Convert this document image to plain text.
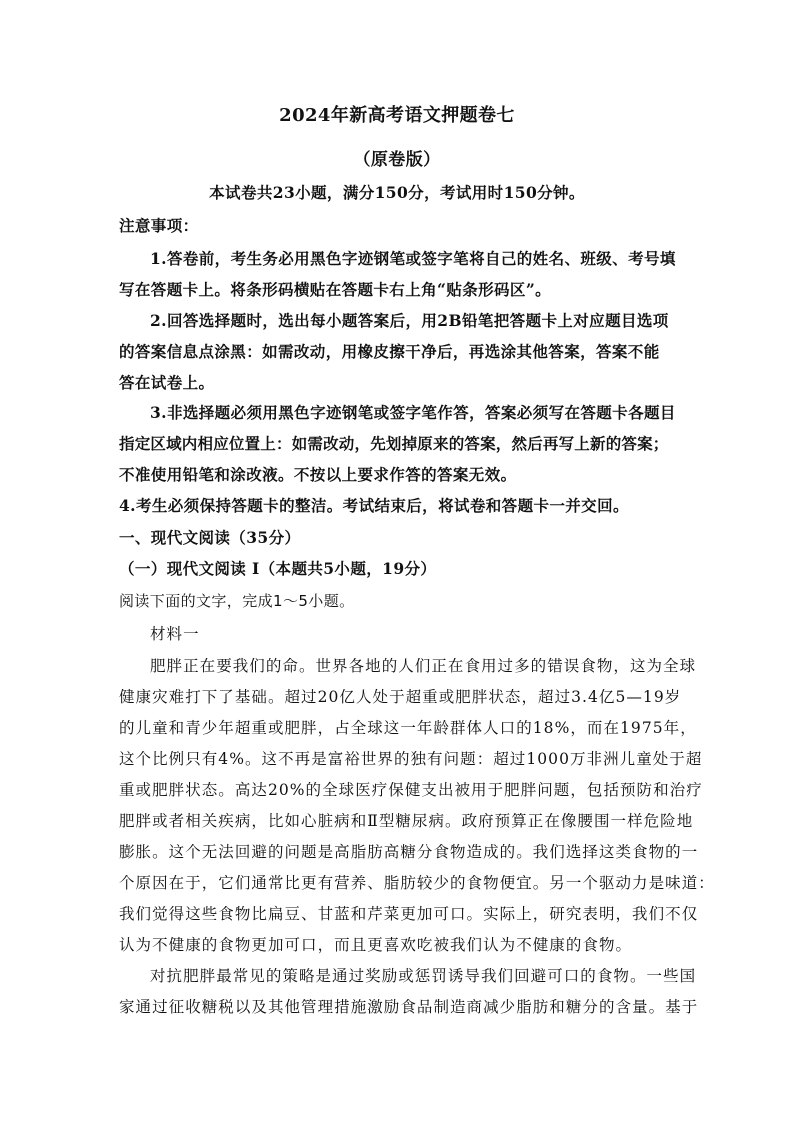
2024年新高考语文押题卷七
（原卷版）
本试卷共23小题，满分150分，考试用时150分钟。
注意事项：
1.答卷前，考生务必用黑色字迹钢笔或签字笔将自己的姓名、班级、考号填
写在答题卡上。将条形码横贴在答题卡右上角“贴条形码区”。
2.回答选择题时，选出每小题答案后，用2B铅笔把答题卡上对应题目选项
的答案信息点涂黑：如需改动，用橡皮擦干净后，再选涂其他答案，答案不能
答在试卷上。
3.非选择题必须用黑色字迹钢笔或签字笔作答，答案必须写在答题卡各题目
指定区域内相应位置上：如需改动，先划掉原来的答案，然后再写上新的答案；
不准使用铅笔和涂改液。不按以上要求作答的答案无效。
4.考生必须保持答题卡的整洁。考试结束后，将试卷和答题卡一并交回。
一、现代文阅读（35分）
（一）现代文阅读 I（本题共5小题，19分）
阅读下面的文字，完成1～5小题。
材料一
肥胖正在要我们的命。世界各地的人们正在食用过多的错误食物，这为全球
健康灾难打下了基础。超过20亿人处于超重或肥胖状态，超过3.4亿5—19岁
的儿童和青少年超重或肥胖，占全球这一年龄群体人口的18%，而在1975年，
这个比例只有4%。这不再是富裕世界的独有问题：超过1000万非洲儿童处于超
重或肥胖状态。高达20%的全球医疗保健支出被用于肥胖问题，包括预防和治疗
肥胖或者相关疾病，比如心脏病和Ⅱ型糖尿病。政府预算正在像腰围一样危险地
膨胀。这个无法回避的问题是高脂肪高糖分食物造成的。我们选择这类食物的一
个原因在于，它们通常比更有营养、脂肪较少的食物便宜。另一个驱动力是味道：
我们觉得这些食物比扁豆、甘蓝和芹菜更加可口。实际上，研究表明，我们不仅
认为不健康的食物更加可口，而且更喜欢吃被我们认为不健康的食物。
对抗肥胖最常见的策略是通过奖励或惩罚诱导我们回避可口的食物。一些国
家通过征收糖税以及其他管理措施激励食品制造商减少脂肪和糖分的含量。基于
